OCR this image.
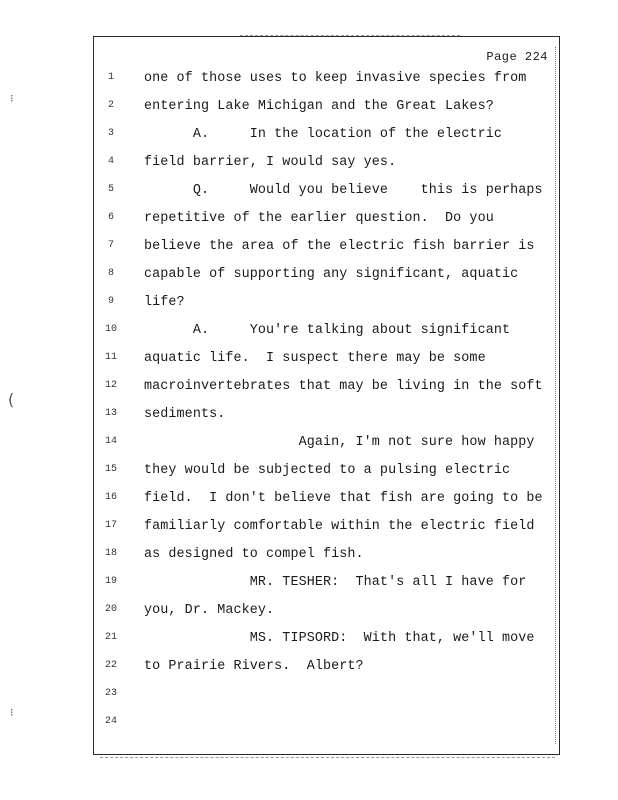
⁝
(
⁝
Page 224
1
2
3
4
5
6
7
8
9
10
11
12
13
14
15
16
17
18
19
20
21
22
23
24
one of those uses to keep invasive species from
entering Lake Michigan and the Great Lakes?
A.     In the location of the electric
field barrier, I would say yes.
Q.     Would you believe    this is perhaps
repetitive of the earlier question.  Do you
believe the area of the electric fish barrier is
capable of supporting any significant, aquatic
life?
A.     You're talking about significant
aquatic life.  I suspect there may be some
macroinvertebrates that may be living in the soft
sediments.
Again, I'm not sure how happy
they would be subjected to a pulsing electric
field.  I don't believe that fish are going to be
familiarly comfortable within the electric field
as designed to compel fish.
MR. TESHER:  That's all I have for
you, Dr. Mackey.
MS. TIPSORD:  With that, we'll move
to Prairie Rivers.  Albert?
